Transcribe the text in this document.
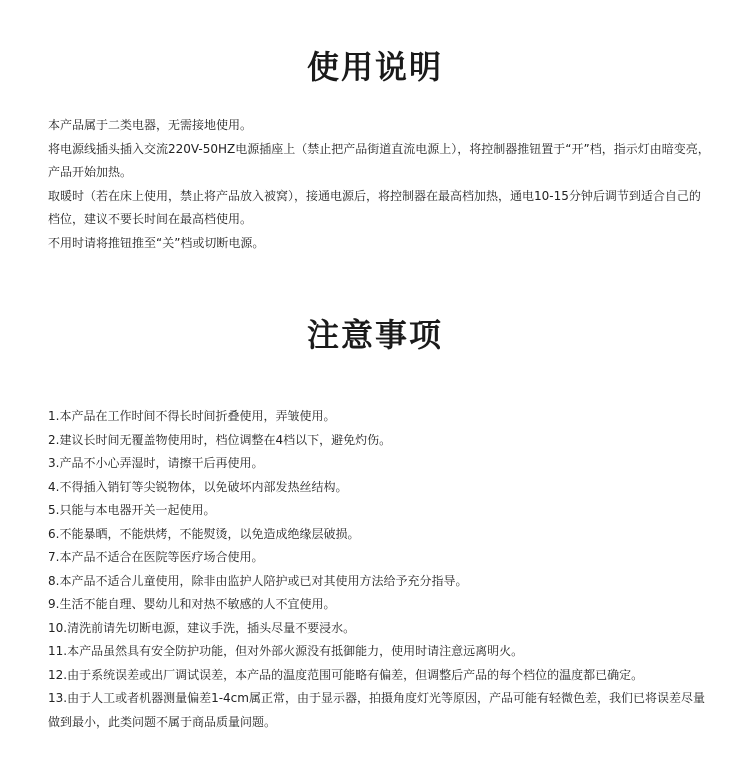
使用说明

本产品属于二类电器，无需接地使用。

将电源线插头插入交流220V-50HZ电源插座上（禁止把产品街道直流电源上），将控制器推钮置于“开”档，指示灯由暗变亮，产品开始加热。

取暖时（若在床上使用，禁止将产品放入被窝），接通电源后，将控制器在最高档加热，通电10-15分钟后调节到适合自己的档位，建议不要长时间在最高档使用。

不用时请将推钮推至“关”档或切断电源。

注意事项

1.本产品在工作时间不得长时间折叠使用，弄皱使用。

2.建议长时间无覆盖物使用时，档位调整在4档以下，避免灼伤。

3.产品不小心弄湿时，请擦干后再使用。

4.不得插入销钉等尖锐物体，以免破坏内部发热丝结构。

5.只能与本电器开关一起使用。

6.不能暴晒，不能烘烤，不能熨烫，以免造成绝缘层破损。

7.本产品不适合在医院等医疗场合使用。

8.本产品不适合儿童使用，除非由监护人陪护或已对其使用方法给予充分指导。

9.生活不能自理、婴幼儿和对热不敏感的人不宜使用。

10.清洗前请先切断电源，建议手洗，插头尽量不要浸水。

11.本产品虽然具有安全防护功能，但对外部火源没有抵御能力，使用时请注意远离明火。

12.由于系统误差或出厂调试误差，本产品的温度范围可能略有偏差，但调整后产品的每个档位的温度都已确定。

13.由于人工或者机器测量偏差1-4cm属正常，由于显示器，拍摄角度灯光等原因，产品可能有轻微色差，我们已将误差尽量做到最小，此类问题不属于商品质量问题。
